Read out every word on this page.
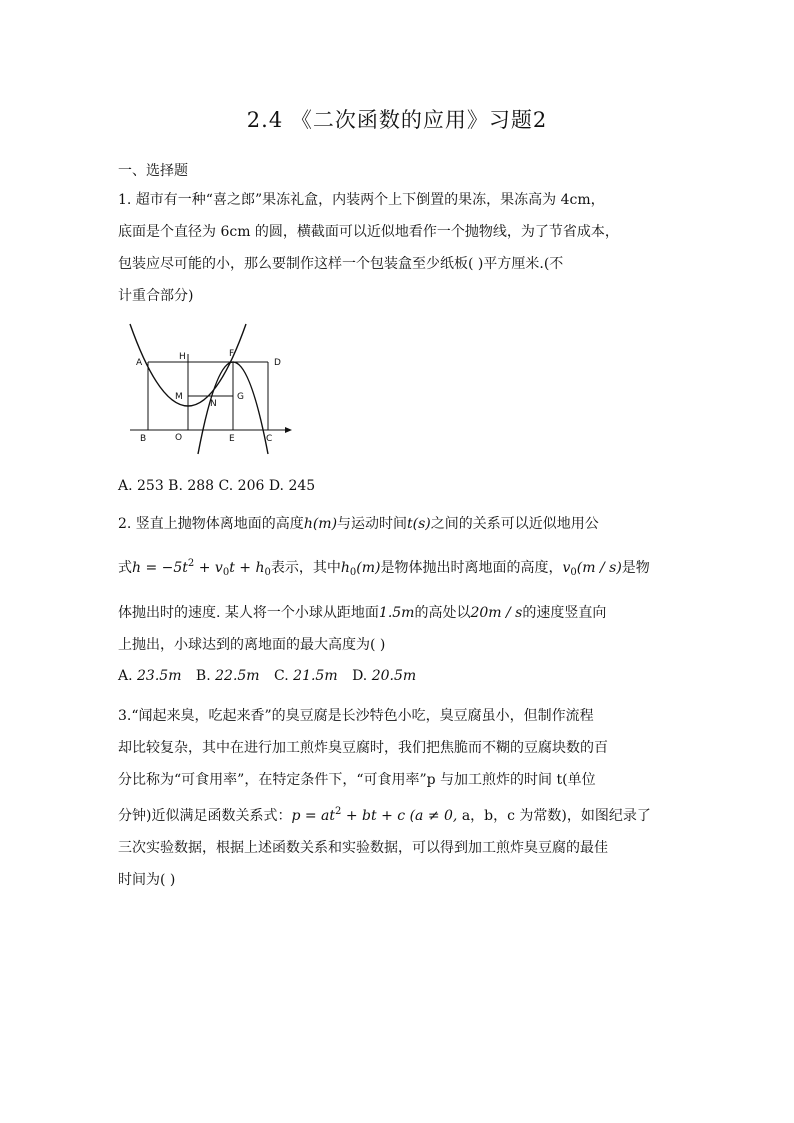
2.4 《二次函数的应用》习题2
一、选择题
1. 超市有一种“喜之郎”果冻礼盒，内装两个上下倒置的果冻，果冻高为 4cm，
底面是个直径为 6cm 的圆，横截面可以近似地看作一个抛物线，为了节省成本，
包装应尽可能的小，那么要制作这样一个包装盒至少纸板( )平方厘米.(不
计重合部分)
A
B	C
D
E
F
G
H
M
N
O
A. 253 B. 288 C. 206 D. 245
2. 竖直上抛物体离地面的高度h(m)与运动时间t(s)之间的关系可以近似地用公
式$h = -5t^2 + v_0t + h_0$表示，其中$h_0(m)$是物体抛出时离地面的高度，$v_0(m / s)$是物
体抛出时的速度. 某人将一个小球从距地面1.5m的高处以20m / s的速度竖直向
上抛出，小球达到的离地面的最大高度为( )
A. 23.5m B. 22.5m C. 21.5m D. 20.5m
3.“闻起来臭，吃起来香”的臭豆腐是长沙特色小吃，臭豆腐虽小，但制作流程
却比较复杂，其中在进行加工煎炸臭豆腐时，我们把焦脆而不糊的豆腐块数的百
分比称为“可食用率”，在特定条件下，“可食用率”p 与加工煎炸的时间 t(单位
分钟)近似满足函数关系式：$p = at^2$ + bt + c (a ≠ 0, a，b，c 为常数)，如图纪录了
三次实验数据，根据上述函数关系和实验数据，可以得到加工煎炸臭豆腐的最佳
时间为( )
